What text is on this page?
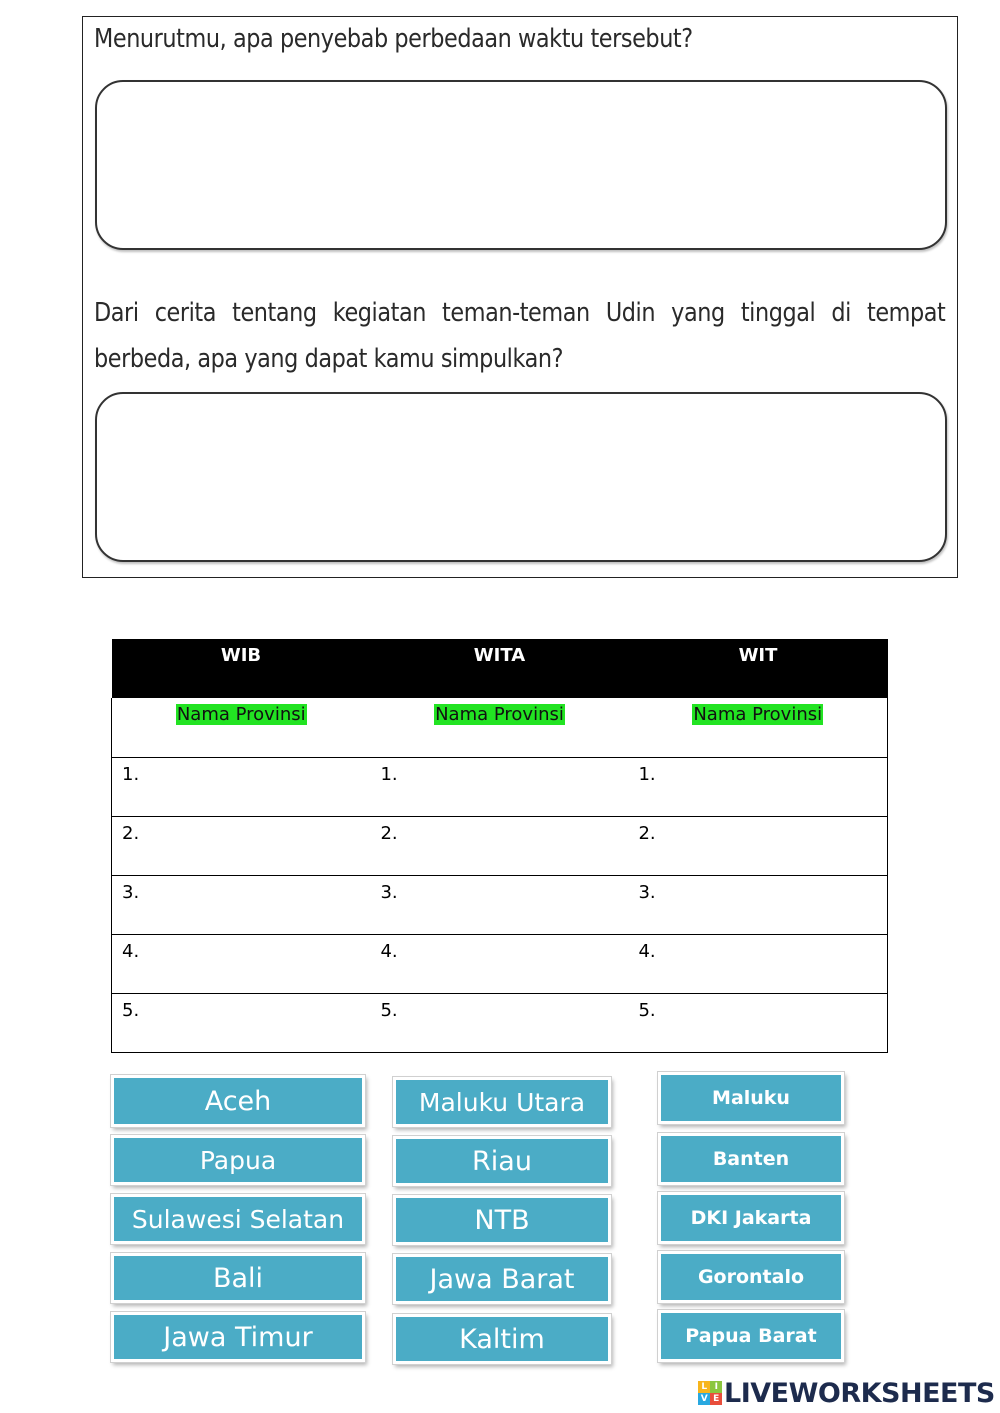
Menurutmu, apa penyebab perbedaan waktu tersebut?
Dari cerita tentang kegiatan teman-teman Udin yang tinggal di tempat berbeda, apa yang dapat kamu simpulkan?
WIB	WITA	WIT
Nama Provinsi	Nama Provinsi	Nama Provinsi
1.	1.	1.
2.	2.	2.
3.	3.	3.
4.	4.	4.
5.	5.	5.
Aceh
Papua
Sulawesi Selatan
Bali
Jawa Timur
Maluku Utara
Riau
NTB
Jawa Barat
Kaltim
Maluku
Banten
DKI Jakarta
Gorontalo
Papua Barat
L I
V E LIVEWORKSHEETS
